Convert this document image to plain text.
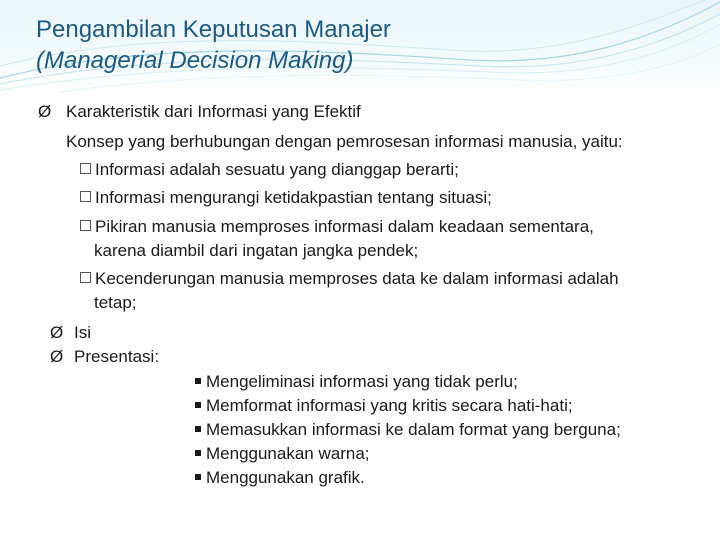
Pengambilan Keputusan Manajer
(Managerial Decision Making)
Ø Karakteristik dari Informasi yang Efektif
Konsep yang berhubungan dengan pemrosesan informasi manusia, yaitu:
Informasi adalah sesuatu yang dianggap berarti;
Informasi mengurangi ketidakpastian tentang situasi;
Pikiran manusia memproses informasi dalam keadaan sementara,
karena diambil dari ingatan jangka pendek;
Kecenderungan manusia memproses data ke dalam informasi adalah
tetap;
Ø Isi
Ø Presentasi:
Mengeliminasi informasi yang tidak perlu;
Memformat informasi yang kritis secara hati-hati;
Memasukkan informasi ke dalam format yang berguna;
Menggunakan warna;
Menggunakan grafik.
